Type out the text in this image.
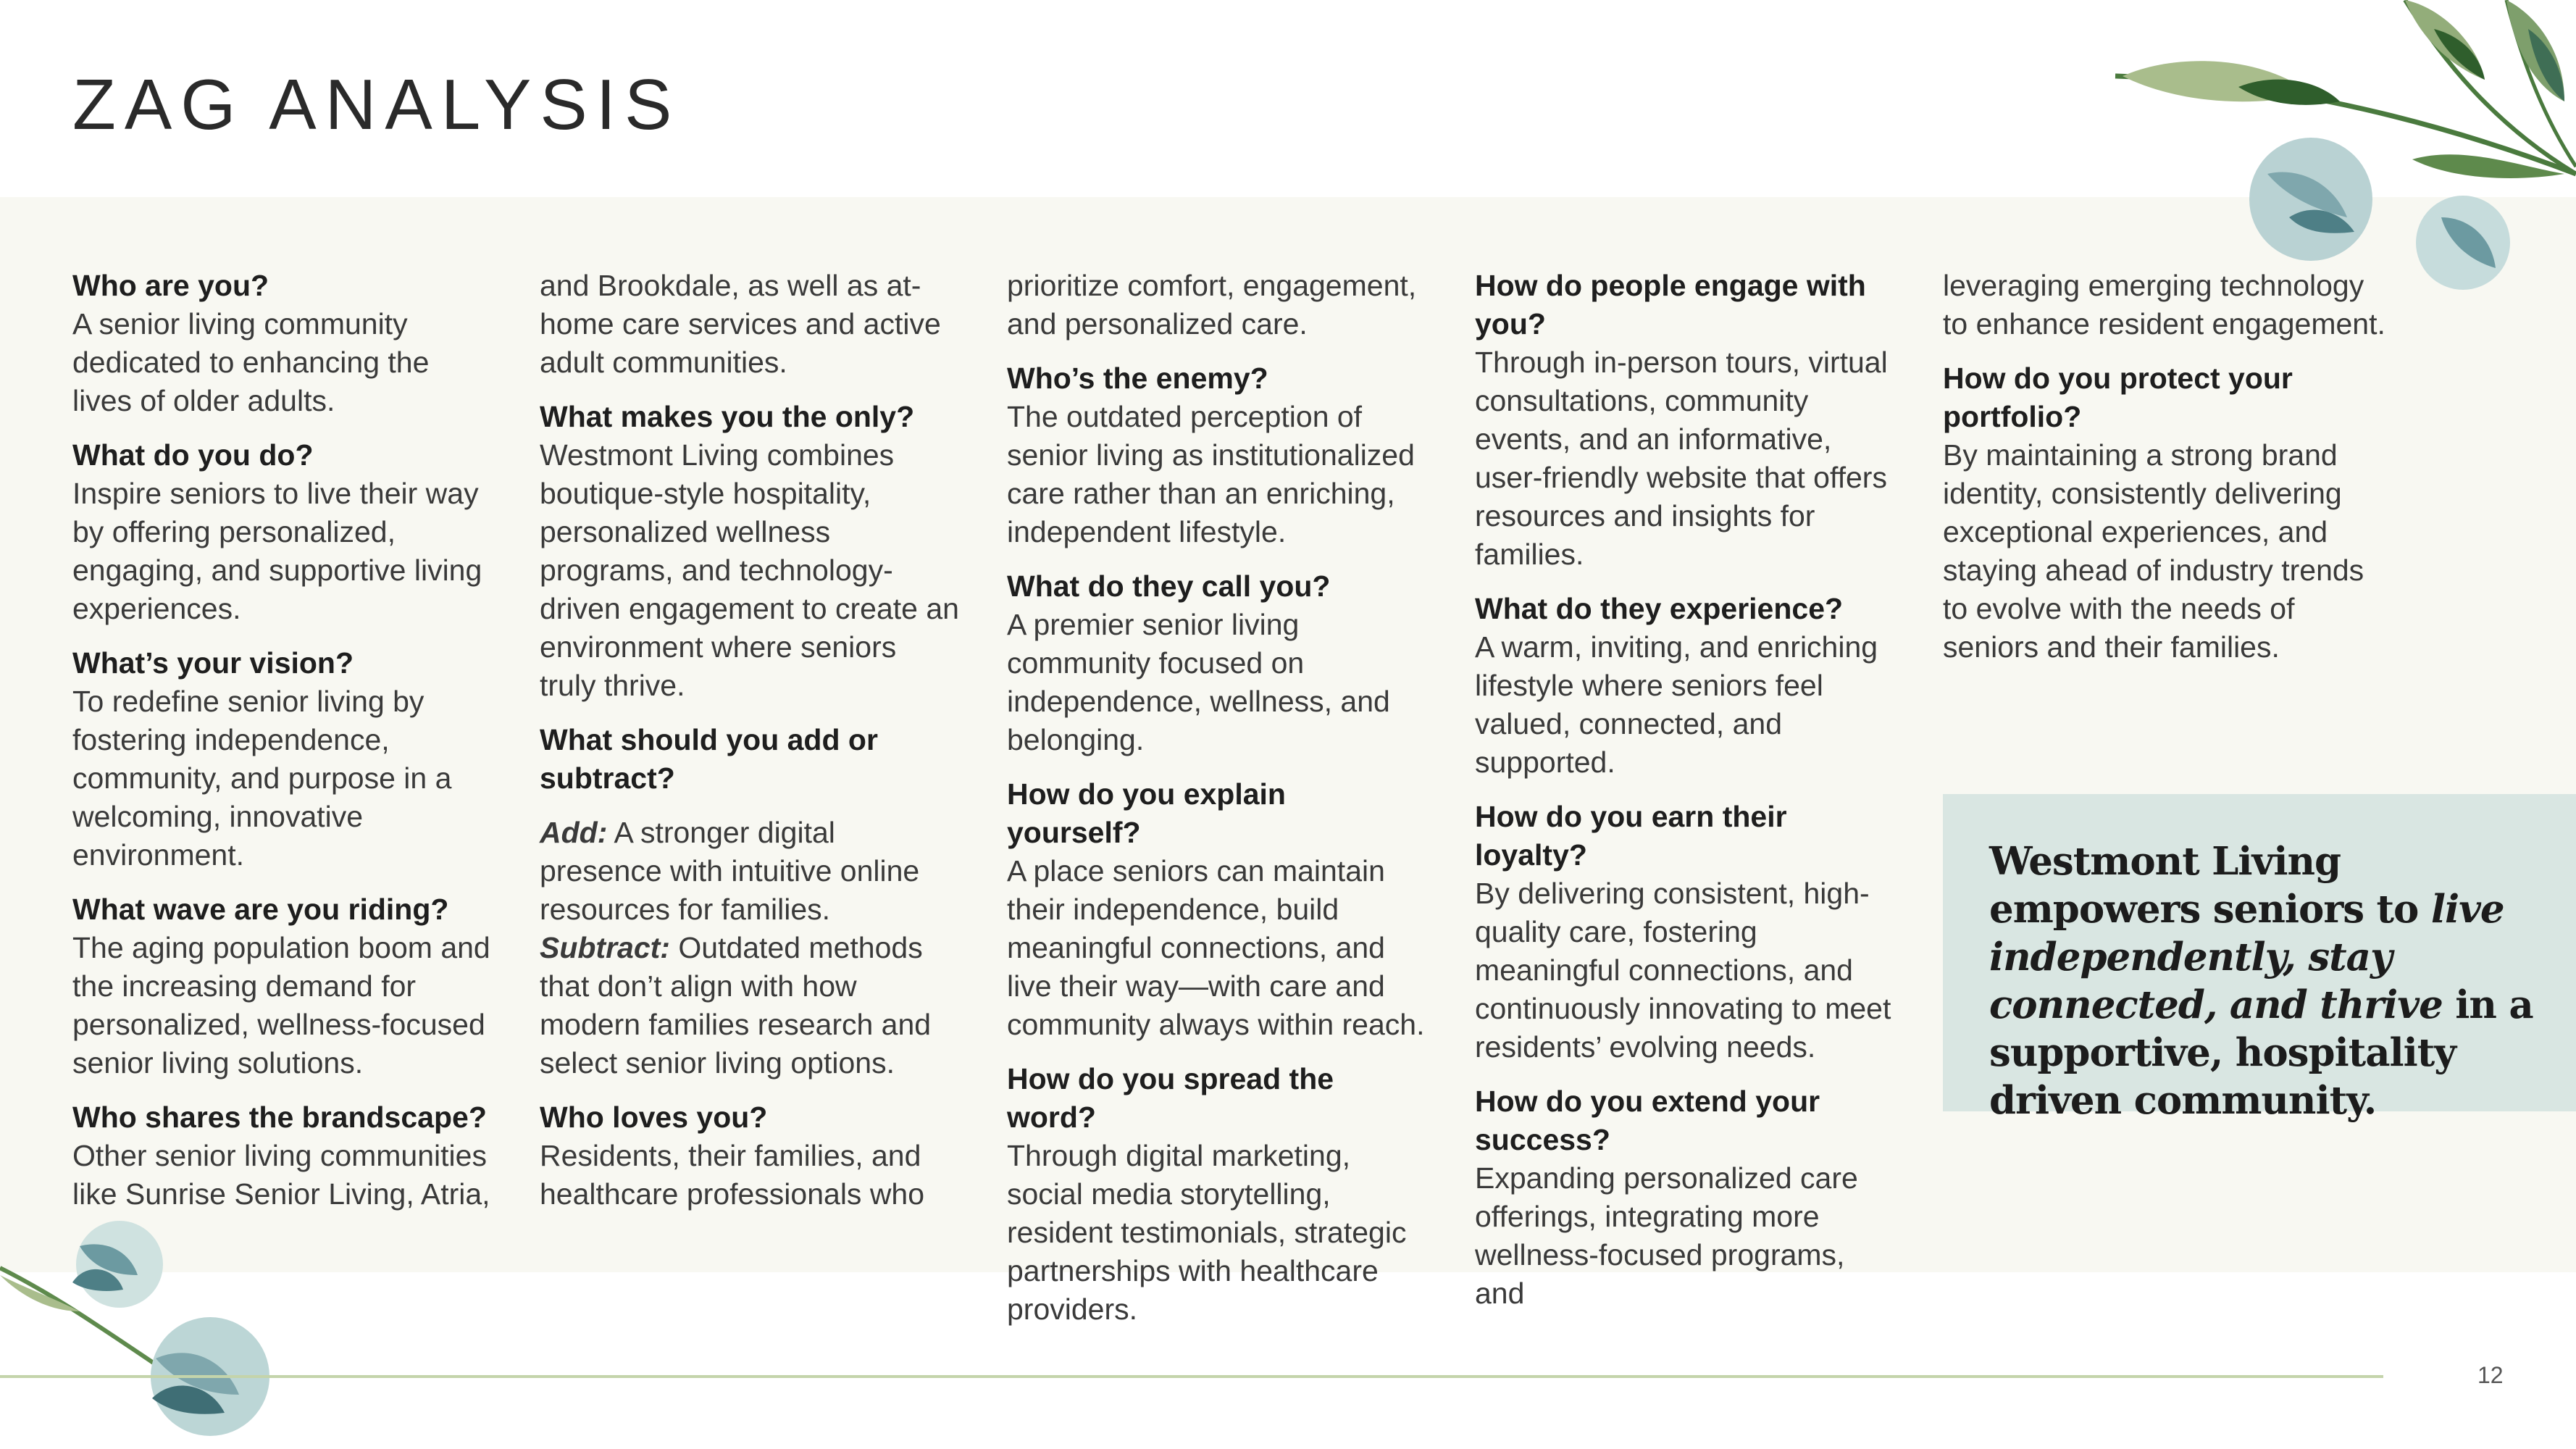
ZAG ANALYSIS
Who are you?
A senior living community dedicated to enhancing the lives of older adults.
What do you do?
Inspire seniors to live their way by offering personalized, engaging, and supportive living experiences.
What’s your vision?
To redefine senior living by fostering independence, community, and purpose in a welcoming, innovative environment.
What wave are you riding?
The aging population boom and the increasing demand for personalized, wellness-focused senior living solutions.
Who shares the brandscape?
Other senior living communities like Sunrise Senior Living, Atria,
and Brookdale, as well as at-home care services and active adult communities.
What makes you the only?
Westmont Living combines boutique-style hospitality, personalized wellness programs, and technology-driven engagement to create an environment where seniors truly thrive.
What should you add or subtract?
Add: A stronger digital presence with intuitive online resources for families.
Subtract: Outdated methods that don’t align with how modern families research and select senior living options.
Who loves you?
Residents, their families, and healthcare professionals who
prioritize comfort, engagement, and personalized care.
Who’s the enemy?
The outdated perception of senior living as institutionalized care rather than an enriching, independent lifestyle.
What do they call you?
A premier senior living community focused on independence, wellness, and belonging.
How do you explain yourself?
A place seniors can maintain their independence, build meaningful connections, and live their way—with care and community always within reach.
How do you spread the word?
Through digital marketing, social media storytelling, resident testimonials, strategic partnerships with healthcare providers.
How do people engage with you?
Through in-person tours, virtual consultations, community events, and an informative, user-friendly website that offers resources and insights for families.
What do they experience?
A warm, inviting, and enriching lifestyle where seniors feel valued, connected, and supported.
How do you earn their loyalty?
By delivering consistent, high-quality care, fostering meaningful connections, and continuously innovating to meet residents’ evolving needs.
How do you extend your success?
Expanding personalized care offerings, integrating more wellness-focused programs, and
leveraging emerging technology to enhance resident engagement.
How do you protect your portfolio?
By maintaining a strong brand identity, consistently delivering exceptional experiences, and staying ahead of industry trends to evolve with the needs of seniors and their families.
Westmont Living empowers seniors to live independently, stay connected, and thrive in a supportive, hospitality driven community.
12
